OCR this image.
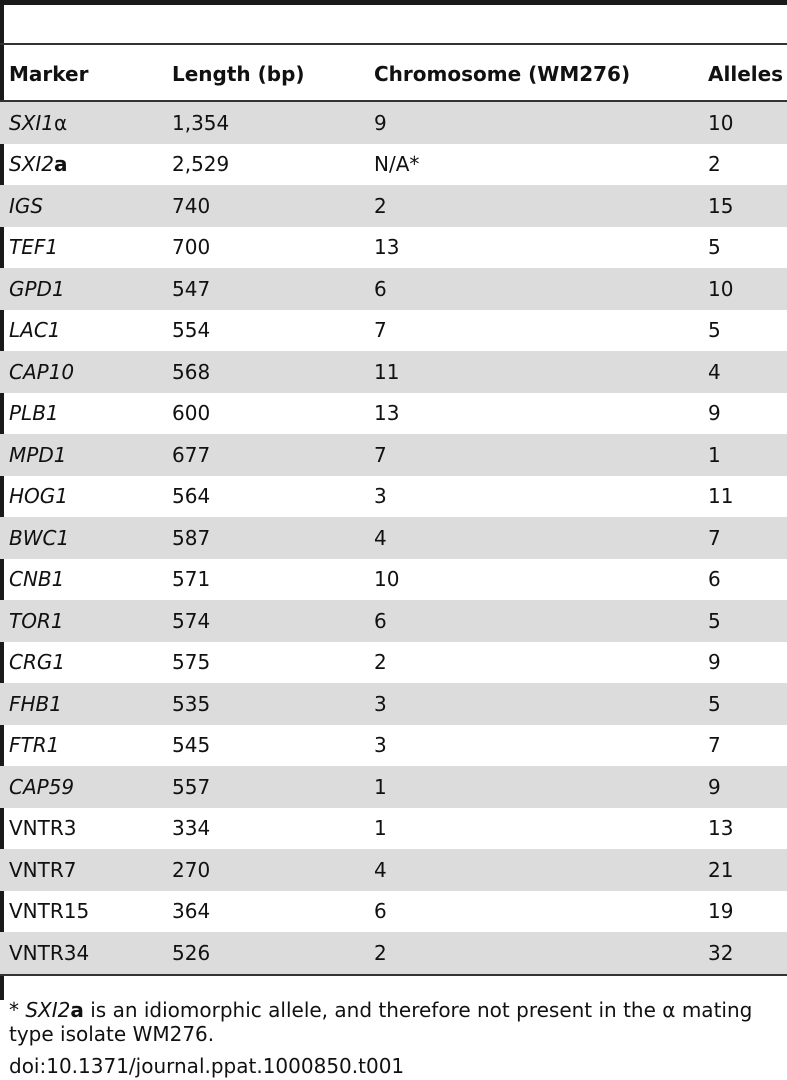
Marker	Length (bp)	Chromosome (WM276)	Alleles
SXI1α	1,354	9	10
SXI2a	2,529	N/A*	2
IGS	740	2	15
TEF1	700	13	5
GPD1	547	6	10
LAC1	554	7	5
CAP10	568	11	4
PLB1	600	13	9
MPD1	677	7	1
HOG1	564	3	11
BWC1	587	4	7
CNB1	571	10	6
TOR1	574	6	5
CRG1	575	2	9
FHB1	535	3	5
FTR1	545	3	7
CAP59	557	1	9
VNTR3	334	1	13
VNTR7	270	4	21
VNTR15	364	6	19
VNTR34	526	2	32
* SXI2a is an idiomorphic allele, and therefore not present in the α mating type isolate WM276.
doi:10.1371/journal.ppat.1000850.t001
